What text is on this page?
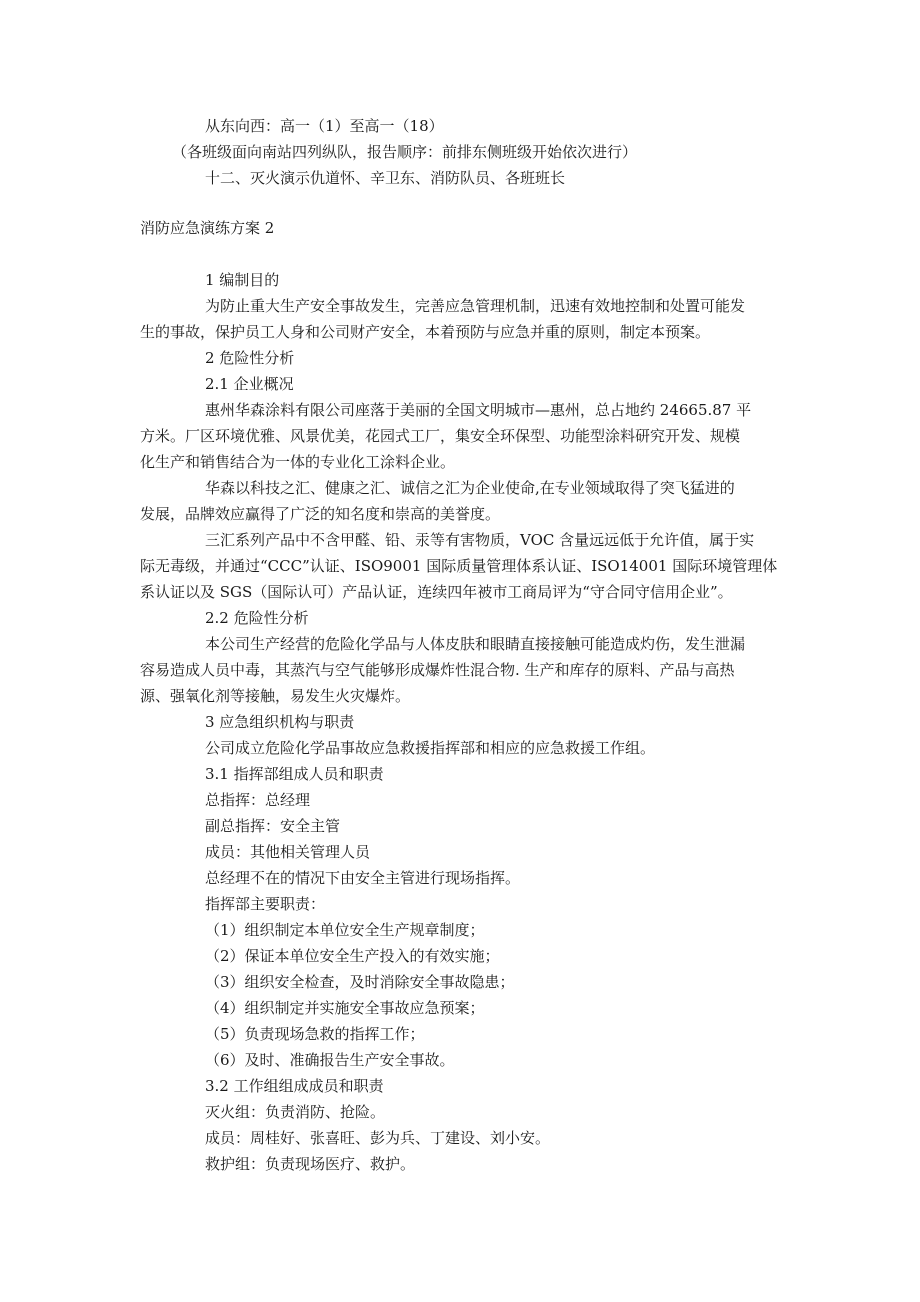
从东向西：高一（1）至高一（18）
（各班级面向南站四列纵队，报告顺序：前排东侧班级开始依次进行）
十二、灭火演示仇道怀、辛卫东、消防队员、各班班长
消防应急演练方案 2
1 编制目的
为防止重大生产安全事故发生，完善应急管理机制，迅速有效地控制和处置可能发
生的事故，保护员工人身和公司财产安全，本着预防与应急并重的原则，制定本预案。
2 危险性分析
2.1 企业概况
惠州华森涂料有限公司座落于美丽的全国文明城市—惠州，总占地约 24665.87 平
方米。厂区环境优雅、风景优美，花园式工厂，集安全环保型、功能型涂料研究开发、规模
化生产和销售结合为一体的专业化工涂料企业。
华森以科技之汇、健康之汇、诚信之汇为企业使命,在专业领域取得了突飞猛进的
发展，品牌效应赢得了广泛的知名度和崇高的美誉度。
三汇系列产品中不含甲醛、铅、汞等有害物质，VOC 含量远远低于允许值，属于实
际无毒级，并通过“CCC”认证、ISO9001 国际质量管理体系认证、ISO14001 国际环境管理体
系认证以及 SGS（国际认可）产品认证，连续四年被市工商局评为“守合同守信用企业”。
2.2 危险性分析
本公司生产经营的危险化学品与人体皮肤和眼睛直接接触可能造成灼伤，发生泄漏
容易造成人员中毒，其蒸汽与空气能够形成爆炸性混合物. 生产和库存的原料、产品与高热
源、强氧化剂等接触，易发生火灾爆炸。
3 应急组织机构与职责
公司成立危险化学品事故应急救援指挥部和相应的应急救援工作组。
3.1 指挥部组成人员和职责
总指挥：总经理
副总指挥：安全主管
成员：其他相关管理人员
总经理不在的情况下由安全主管进行现场指挥。
指挥部主要职责：
（1）组织制定本单位安全生产规章制度；
（2）保证本单位安全生产投入的有效实施；
（3）组织安全检查，及时消除安全事故隐患；
（4）组织制定并实施安全事故应急预案；
（5）负责现场急救的指挥工作；
（6）及时、准确报告生产安全事故。
3.2 工作组组成成员和职责
灭火组：负责消防、抢险。
成员：周桂好、张喜旺、彭为兵、丁建设、刘小安。
救护组：负责现场医疗、救护。
